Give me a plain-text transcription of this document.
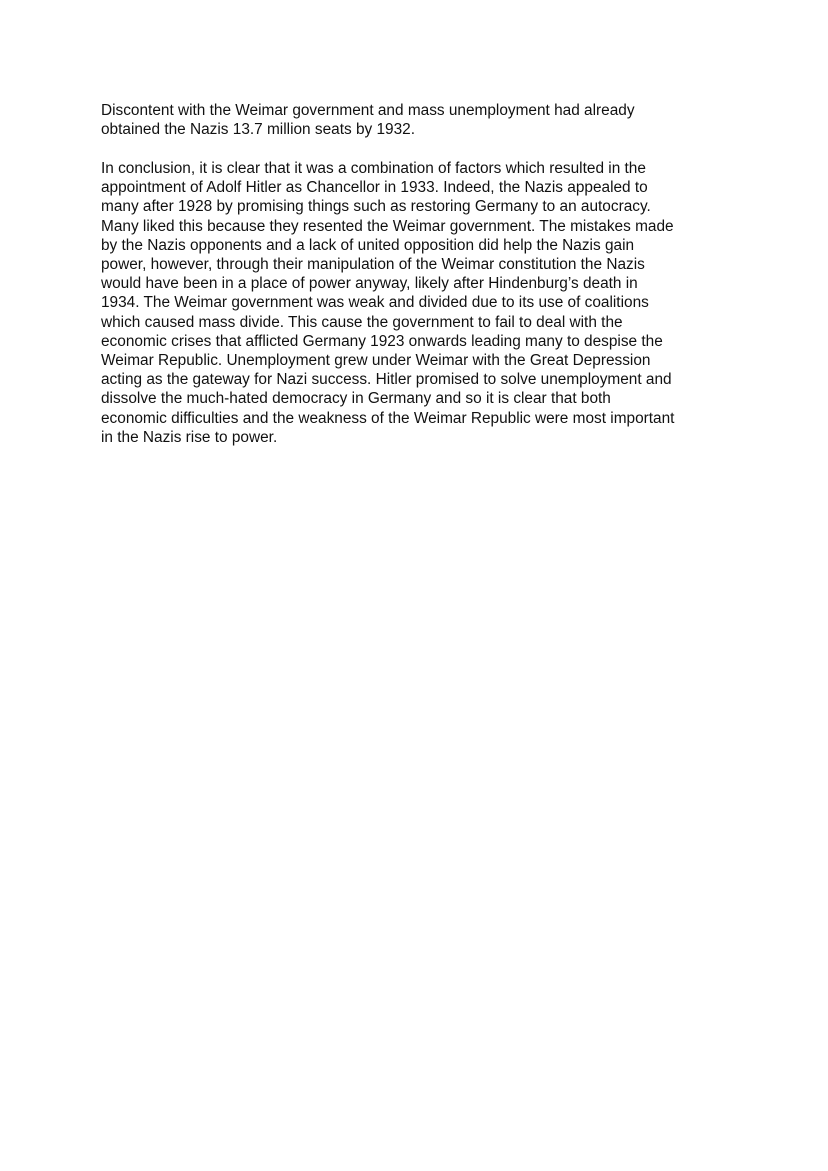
Discontent with the Weimar government and mass unemployment had already
obtained the Nazis 13.7 million seats by 1932.

In conclusion, it is clear that it was a combination of factors which resulted in the
appointment of Adolf Hitler as Chancellor in 1933. Indeed, the Nazis appealed to
many after 1928 by promising things such as restoring Germany to an autocracy.
Many liked this because they resented the Weimar government. The mistakes made
by the Nazis opponents and a lack of united opposition did help the Nazis gain
power, however, through their manipulation of the Weimar constitution the Nazis
would have been in a place of power anyway, likely after Hindenburg’s death in
1934. The Weimar government was weak and divided due to its use of coalitions
which caused mass divide. This cause the government to fail to deal with the
economic crises that afflicted Germany 1923 onwards leading many to despise the
Weimar Republic. Unemployment grew under Weimar with the Great Depression
acting as the gateway for Nazi success. Hitler promised to solve unemployment and
dissolve the much-hated democracy in Germany and so it is clear that both
economic difficulties and the weakness of the Weimar Republic were most important
in the Nazis rise to power.
